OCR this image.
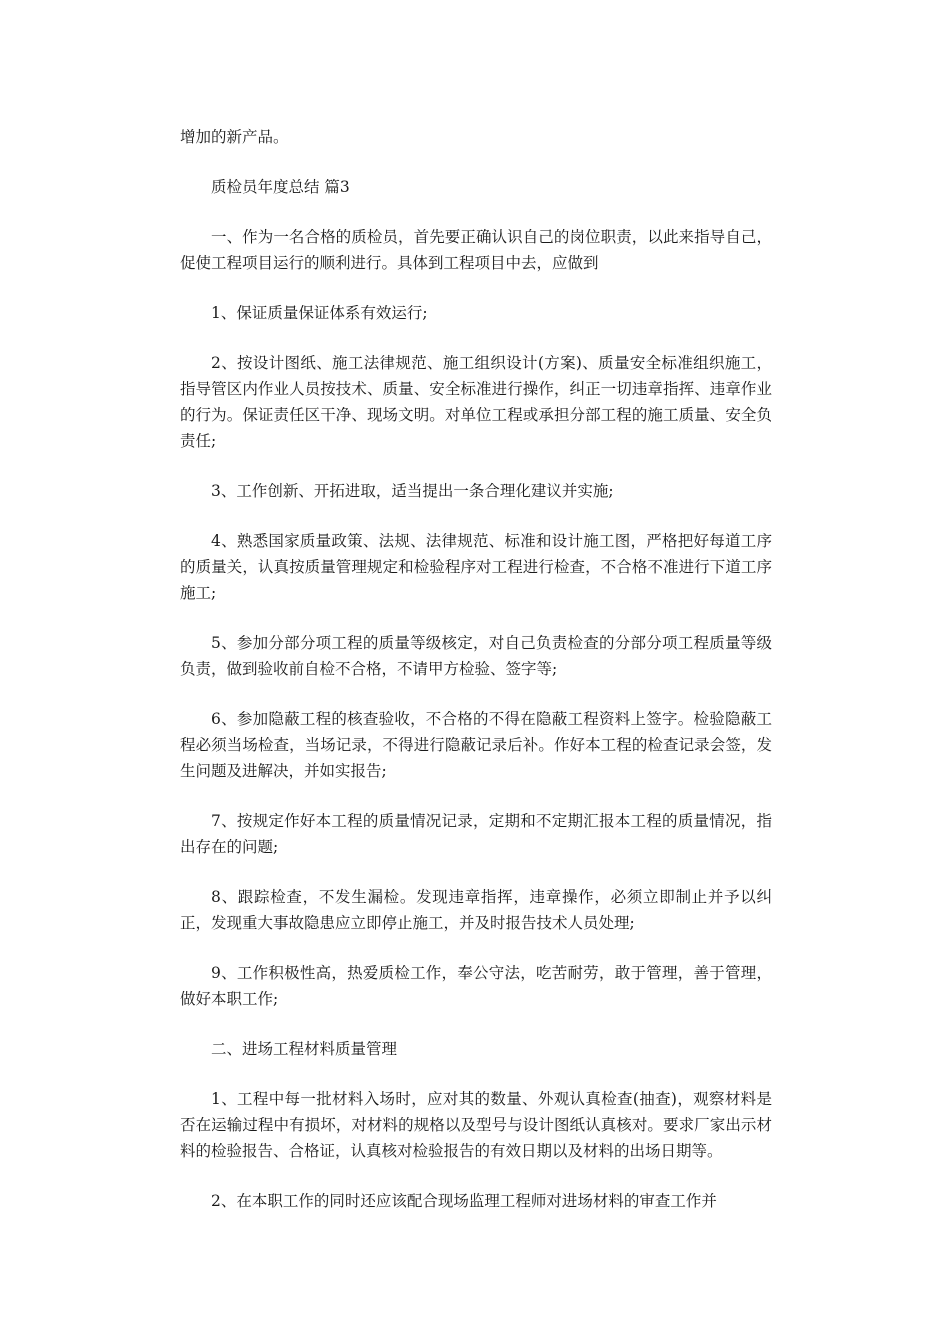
增加的新产品。

质检员年度总结 篇3

一、作为一名合格的质检员，首先要正确认识自己的岗位职责，以此来指导自己，促使工程项目运行的顺利进行。具体到工程项目中去，应做到

1、保证质量保证体系有效运行;

2、按设计图纸、施工法律规范、施工组织设计(方案)、质量安全标准组织施工，指导管区内作业人员按技术、质量、安全标准进行操作，纠正一切违章指挥、违章作业的行为。保证责任区干净、现场文明。对单位工程或承担分部工程的施工质量、安全负责任;

3、工作创新、开拓进取，适当提出一条合理化建议并实施;

4、熟悉国家质量政策、法规、法律规范、标准和设计施工图，严格把好每道工序的质量关，认真按质量管理规定和检验程序对工程进行检查，不合格不准进行下道工序施工;

5、参加分部分项工程的质量等级核定，对自己负责检查的分部分项工程质量等级负责，做到验收前自检不合格，不请甲方检验、签字等;

6、参加隐蔽工程的核查验收，不合格的不得在隐蔽工程资料上签字。检验隐蔽工程必须当场检查，当场记录，不得进行隐蔽记录后补。作好本工程的检查记录会签，发生问题及进解决，并如实报告;

7、按规定作好本工程的质量情况记录，定期和不定期汇报本工程的质量情况，指出存在的问题;

8、跟踪检查，不发生漏检。发现违章指挥，违章操作，必须立即制止并予以纠正，发现重大事故隐患应立即停止施工，并及时报告技术人员处理;

9、工作积极性高，热爱质检工作，奉公守法，吃苦耐劳，敢于管理，善于管理，做好本职工作;

二、进场工程材料质量管理

1、工程中每一批材料入场时，应对其的数量、外观认真检查(抽查)，观察材料是否在运输过程中有损坏，对材料的规格以及型号与设计图纸认真核对。要求厂家出示材料的检验报告、合格证，认真核对检验报告的有效日期以及材料的出场日期等。

2、在本职工作的同时还应该配合现场监理工程师对进场材料的审查工作并
